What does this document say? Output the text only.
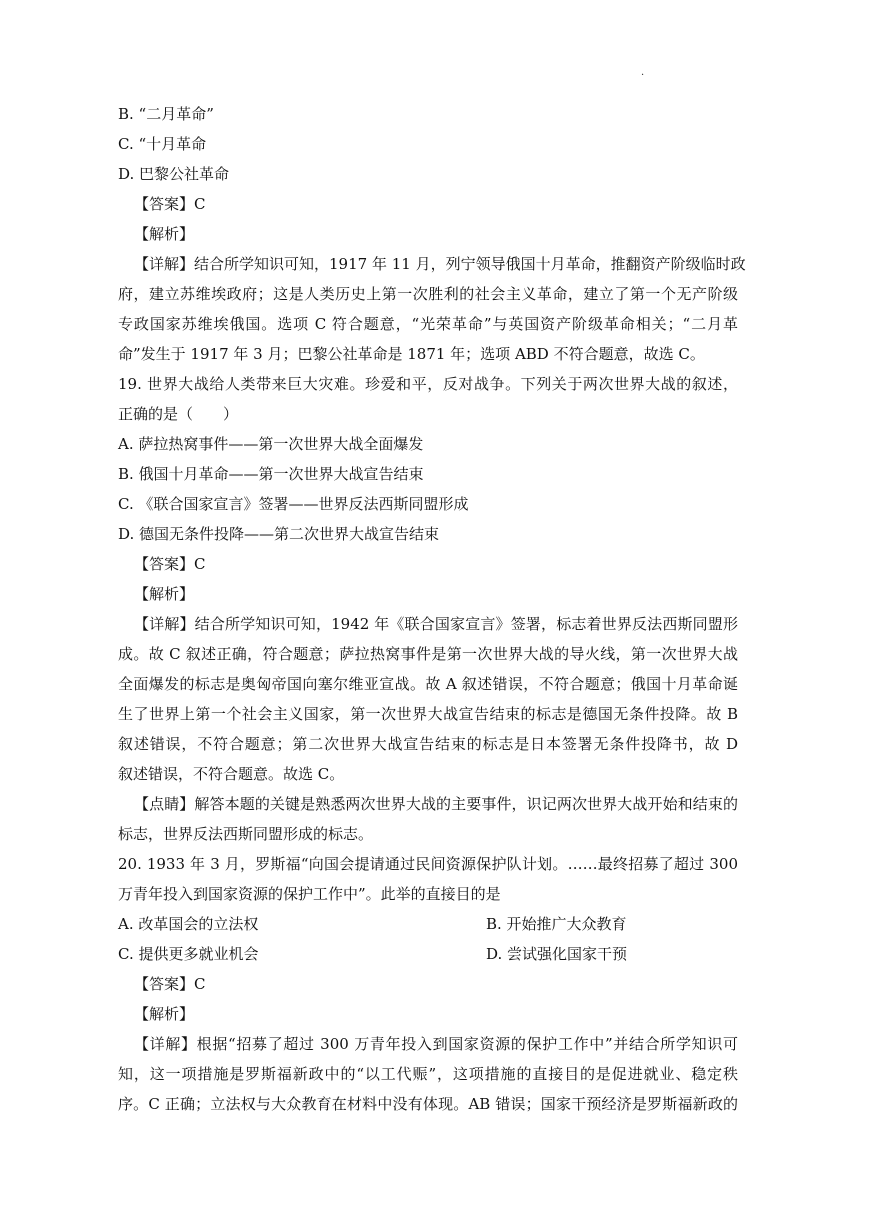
·
B. “二月革命”
C. “十月革命
D. 巴黎公社革命
【答案】C
【解析】
【详解】结合所学知识可知，1917 年 11 月，列宁领导俄国十月革命，推翻资产阶级临时政
府，建立苏维埃政府；这是人类历史上第一次胜利的社会主义革命，建立了第一个无产阶级
专政国家苏维埃俄国。选项 C 符合题意，“光荣革命”与英国资产阶级革命相关；“二月革
命”发生于 1917 年 3 月；巴黎公社革命是 1871 年；选项 ABD 不符合题意，故选 C。
19. 世界大战给人类带来巨大灾难。珍爱和平，反对战争。下列关于两次世界大战的叙述，
正确的是（　　）
A. 萨拉热窝事件——第一次世界大战全面爆发
B. 俄国十月革命——第一次世界大战宣告结束
C. 《联合国家宣言》签署——世界反法西斯同盟形成
D. 德国无条件投降——第二次世界大战宣告结束
【答案】C
【解析】
【详解】结合所学知识可知，1942 年《联合国家宣言》签署，标志着世界反法西斯同盟形
成。故 C 叙述正确，符合题意；萨拉热窝事件是第一次世界大战的导火线，第一次世界大战
全面爆发的标志是奥匈帝国向塞尔维亚宣战。故 A 叙述错误，不符合题意；俄国十月革命诞
生了世界上第一个社会主义国家，第一次世界大战宣告结束的标志是德国无条件投降。故 B
叙述错误，不符合题意；第二次世界大战宣告结束的标志是日本签署无条件投降书，故 D
叙述错误，不符合题意。故选 C。
【点睛】解答本题的关键是熟悉两次世界大战的主要事件，识记两次世界大战开始和结束的
标志，世界反法西斯同盟形成的标志。
20. 1933 年 3 月，罗斯福“向国会提请通过民间资源保护队计划。……最终招募了超过 300
万青年投入到国家资源的保护工作中”。此举的直接目的是
A. 改革国会的立法权	B. 开始推广大众教育
C. 提供更多就业机会	D. 尝试强化国家干预
【答案】C
【解析】
【详解】根据“招募了超过 300 万青年投入到国家资源的保护工作中”并结合所学知识可
知，这一项措施是罗斯福新政中的“以工代赈”，这项措施的直接目的是促进就业、稳定秩
序。C 正确；立法权与大众教育在材料中没有体现。AB 错误；国家干预经济是罗斯福新政的
